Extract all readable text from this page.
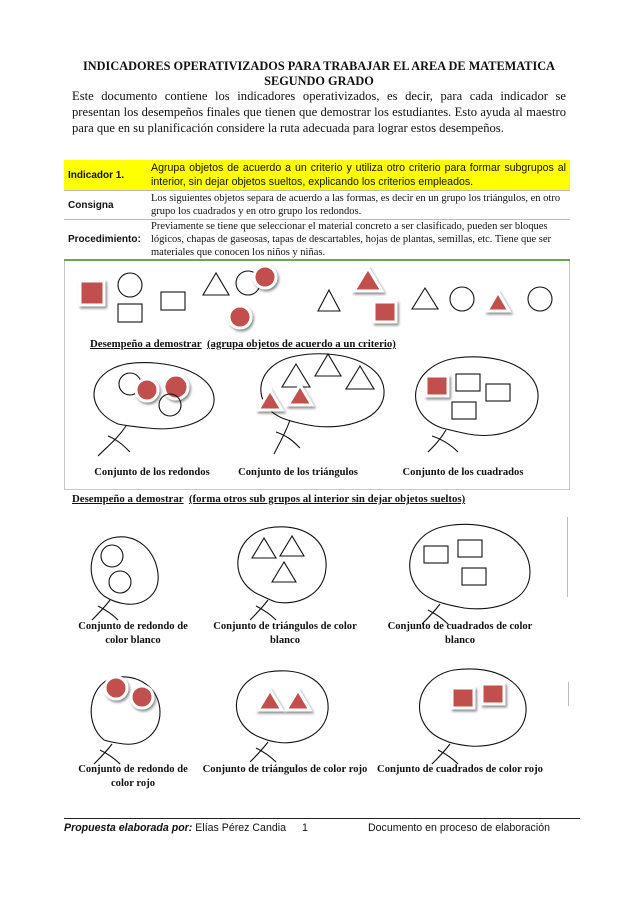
INDICADORES OPERATIVIZADOS PARA TRABAJAR EL AREA DE MATEMATICA
SEGUNDO GRADO
Este documento contiene los indicadores operativizados, es decir, para cada indicador se presentan los desempeños finales que tienen que demostrar los estudiantes. Esto ayuda al maestro para que en su planificación considere la ruta adecuada para lograr estos desempeños.
Indicador 1.	Agrupa objetos de acuerdo a un criterio y utiliza otro criterio para formar subgrupos al interior, sin dejar objetos sueltos, explicando los criterios empleados.
Consigna	Los siguientes objetos separa de acuerdo a las formas, es decir en un grupo los triángulos, en otro grupo los cuadrados y en otro grupo los redondos.
Procedimiento:	Previamente se tiene que seleccionar el material concreto a ser clasificado, pueden ser bloques lógicos, chapas de gaseosas, tapas de descartables, hojas de plantas, semillas, etc. Tiene que ser materiales que conocen los niños y niñas.
Desempeño a demostrar (agrupa objetos de acuerdo a un criterio)
Conjunto de los redondos	Conjunto de los triángulos	Conjunto de los cuadrados
Desempeño a demostrar (forma otros sub grupos al interior sin dejar objetos sueltos)
Conjunto de redondo de color blanco
Conjunto de triángulos de color blanco
Conjunto de cuadrados de color blanco
Conjunto de redondo de color rojo
Conjunto de triángulos de color rojo Conjunto de cuadrados de color rojo
Propuesta elaborada por: Elías Pérez Candia 1	Documento en proceso de elaboración
